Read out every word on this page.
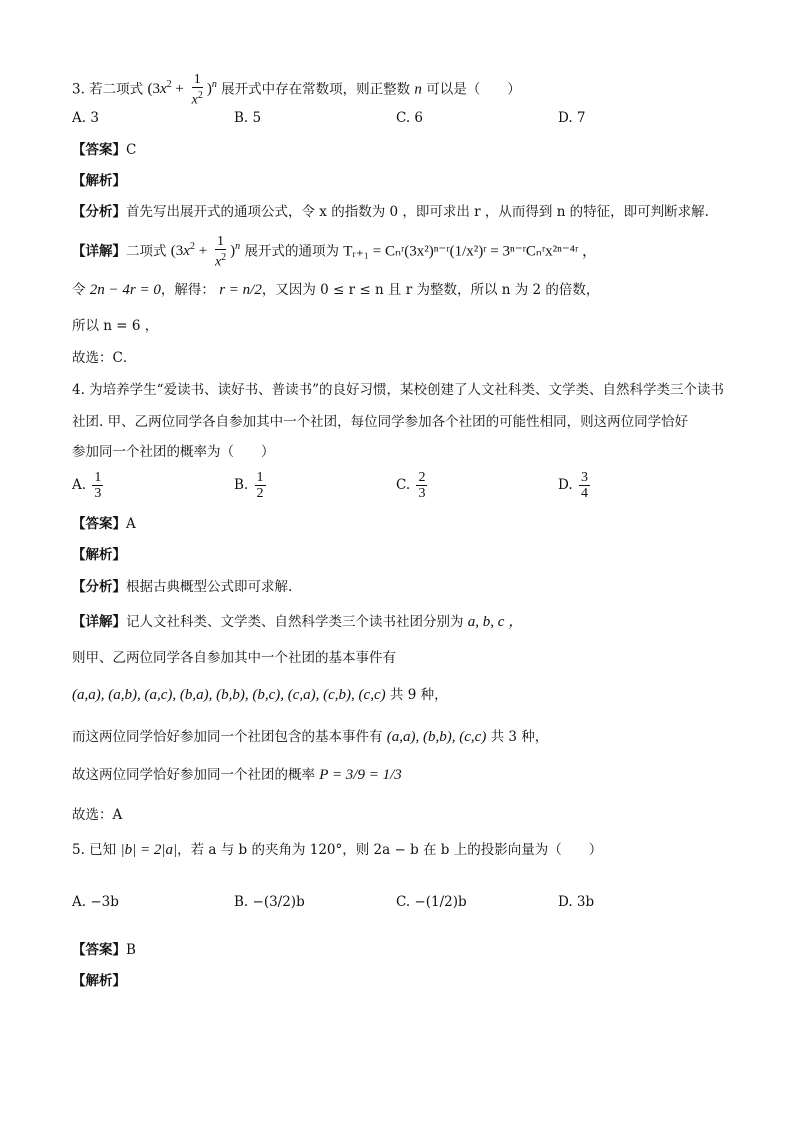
3. 若二项式 $(3x^2 + \frac{1}{x^2} )^n$ 展开式中存在常数项，则正整数 n 可以是（　　）
A. 3	B. 5	C. 6	D. 7
【答案】C
【解析】
【分析】首先写出展开式的通项公式，令 x 的指数为 0 ，即可求出 r ，从而得到 n 的特征，即可判断求解.
【详解】二项式 $(3x^2 + \frac{1}{x^2} )^n$ 展开式的通项为 Tᵣ₊₁ = Cₙʳ(3x²)ⁿ⁻ʳ(1/x²)ʳ = 3ⁿ⁻ʳCₙʳx²ⁿ⁻⁴ʳ ，
令 2n − 4r = 0，解得： r = n/2，又因为 0 ≤ r ≤ n 且 r 为整数，所以 n 为 2 的倍数，
所以 n = 6 ，
故选：C．
4. 为培养学生“爱读书、读好书、普读书”的良好习惯，某校创建了人文社科类、文学类、自然科学类三个读书
社团. 甲、乙两位同学各自参加其中一个社团，每位同学参加各个社团的可能性相同，则这两位同学恰好
参加同一个社团的概率为（　　）
A. $\frac{1}{3}$	B. $\frac{1}{2}$	C. $\frac{2}{3}$	D. $\frac{3}{4}$
【答案】A
【解析】
【分析】根据古典概型公式即可求解.
【详解】记人文社科类、文学类、自然科学类三个读书社团分别为 a, b, c ，
则甲、乙两位同学各自参加其中一个社团的基本事件有
(a,a), (a,b), (a,c), (b,a), (b,b), (b,c), (c,a), (c,b), (c,c) 共 9 种，
而这两位同学恰好参加同一个社团包含的基本事件有 (a,a), (b,b), (c,c) 共 3 种，
故这两位同学恰好参加同一个社团的概率 P = 3/9 = 1/3
故选：A
5. 已知 |b| = 2|a|，若 a 与 b 的夹角为 120°，则 2a − b 在 b 上的投影向量为（　　）
A. −3b	B. −(3/2)b	C. −(1/2)b	D. 3b
【答案】B
【解析】
